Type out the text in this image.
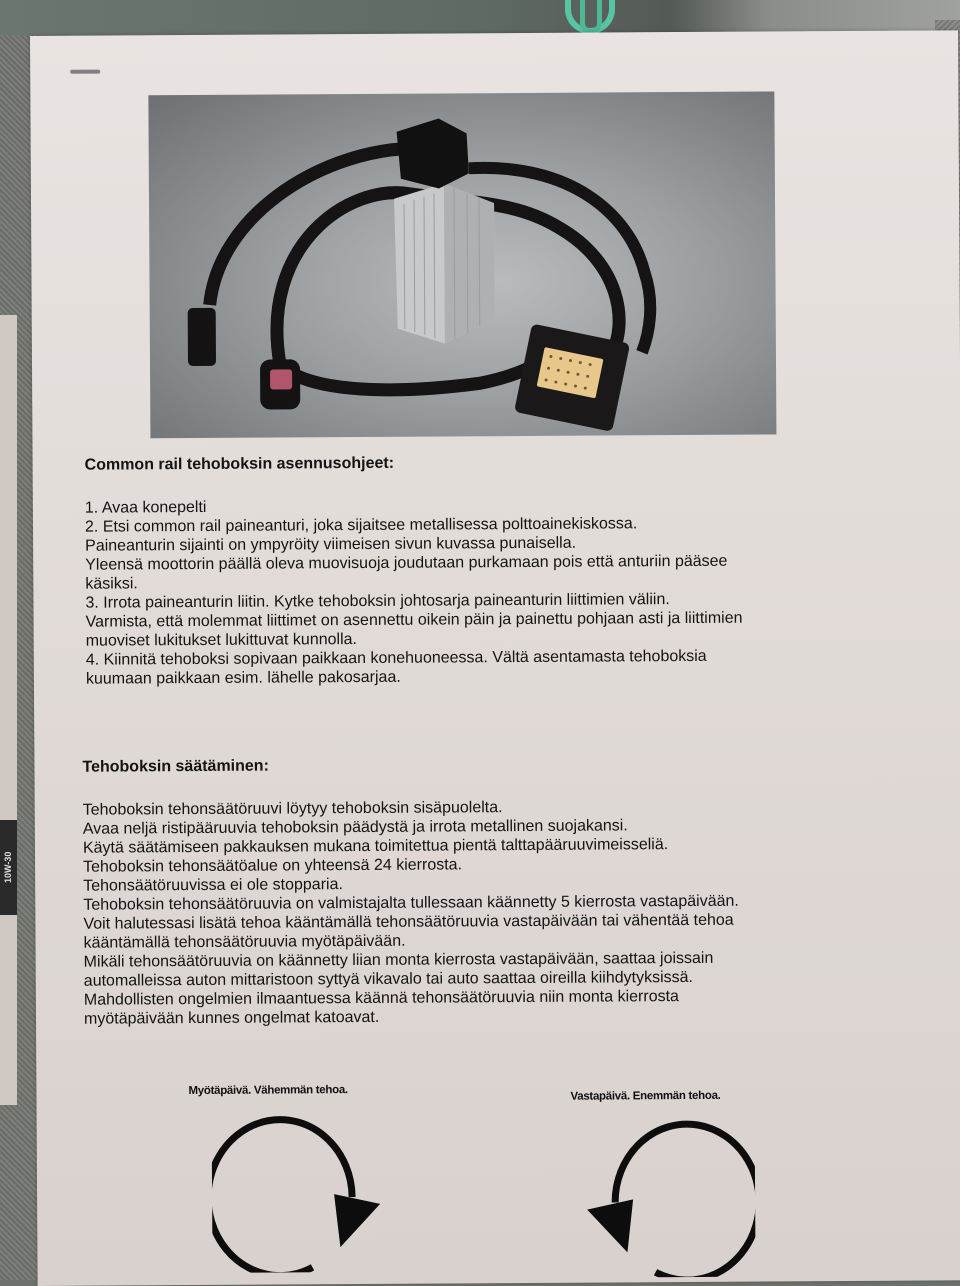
10W-30
Common rail tehoboksin asennusohjeet:
1. Avaa konepelti
2. Etsi common rail paineanturi, joka sijaitsee metallisessa polttoainekiskossa.
Paineanturin sijainti on ympyröity viimeisen sivun kuvassa punaisella.
Yleensä moottorin päällä oleva muovisuoja joudutaan purkamaan pois että anturiin pääsee
käsiksi.
3. Irrota paineanturin liitin. Kytke tehoboksin johtosarja paineanturin liittimien väliin.
Varmista, että molemmat liittimet on asennettu oikein päin ja painettu pohjaan asti ja liittimien
muoviset lukitukset lukittuvat kunnolla.
4. Kiinnitä tehoboksi sopivaan paikkaan konehuoneessa. Vältä asentamasta tehoboksia
kuumaan paikkaan esim. lähelle pakosarjaa.
Tehoboksin säätäminen:
Tehoboksin tehonsäätöruuvi löytyy tehoboksin sisäpuolelta.
Avaa neljä ristipääruuvia tehoboksin päädystä ja irrota metallinen suojakansi.
Käytä säätämiseen pakkauksen mukana toimitettua pientä talttapääruuvimeisseliä.
Tehoboksin tehonsäätöalue on yhteensä 24 kierrosta.
Tehonsäätöruuvissa ei ole stopparia.
Tehoboksin tehonsäätöruuvia on valmistajalta tullessaan käännetty 5 kierrosta vastapäivään.
Voit halutessasi lisätä tehoa kääntämällä tehonsäätöruuvia vastapäivään tai vähentää tehoa
kääntämällä tehonsäätöruuvia myötäpäivään.
Mikäli tehonsäätöruuvia on käännetty liian monta kierrosta vastapäivään, saattaa joissain
automalleissa auton mittaristoon syttyä vikavalo tai auto saattaa oireilla kiihdytyksissä.
Mahdollisten ongelmien ilmaantuessa käännä tehonsäätöruuvia niin monta kierrosta
myötäpäivään kunnes ongelmat katoavat.
Myötäpäivä. Vähemmän tehoa.	Vastapäivä. Enemmän tehoa.
